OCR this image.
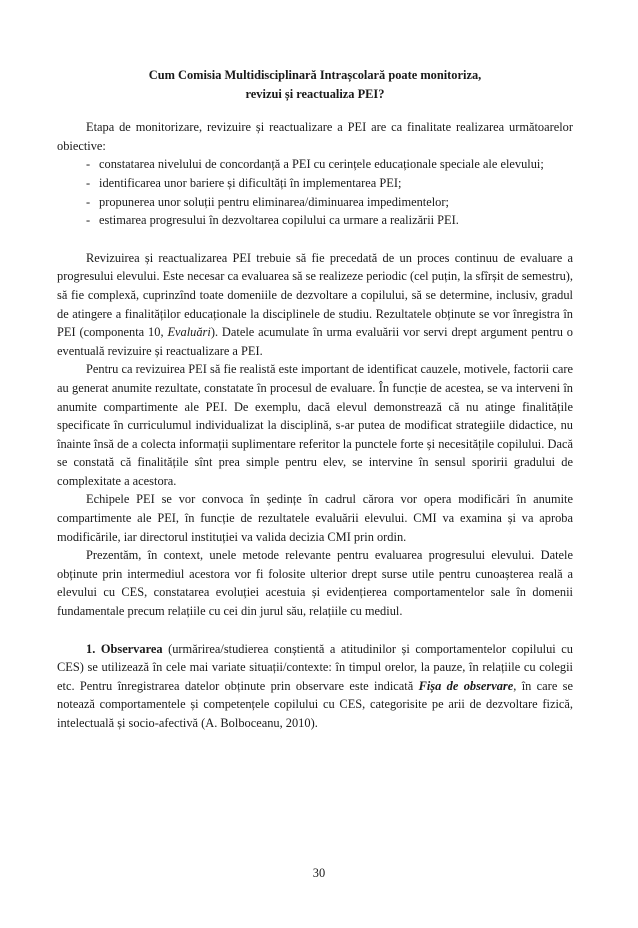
Cum Comisia Multidisciplinară Intrașcolară poate monitoriza,
revizui și reactualiza PEI?

Etapa de monitorizare, revizuire și reactualizare a PEI are ca finalitate realizarea următoarelor obiective:

- constatarea nivelului de concordanță a PEI cu cerințele educaționale speciale ale elevului;
- identificarea unor bariere și dificultăți în implementarea PEI;
- propunerea unor soluții pentru eliminarea/diminuarea impedimentelor;
- estimarea progresului în dezvoltarea copilului ca urmare a realizării PEI.

Revizuirea și reactualizarea PEI trebuie să fie precedată de un proces continuu de evaluare a progresului elevului. Este necesar ca evaluarea să se realizeze periodic (cel puțin, la sfîrșit de semestru), să fie complexă, cuprinzînd toate domeniile de dezvoltare a copilului, să se determine, inclusiv, gradul de atingere a finalităților educaționale la disciplinele de studiu. Rezultatele obținute se vor înregistra în PEI (componenta 10, Evaluări). Datele acumulate în urma evaluării vor servi drept argument pentru o eventuală revizuire și reactualizare a PEI.

Pentru ca revizuirea PEI să fie realistă este important de identificat cauzele, motivele, factorii care au generat anumite rezultate, constatate în procesul de evaluare. În funcție de acestea, se va interveni în anumite compartimente ale PEI. De exemplu, dacă elevul demonstrează că nu atinge finalitățile specificate în curriculumul individualizat la disciplină, s-ar putea de modificat strategiile didactice, nu înainte însă de a colecta informații suplimentare referitor la punctele forte și necesitățile copilului. Dacă se constată că finalitățile sînt prea simple pentru elev, se intervine în sensul sporirii gradului de complexitate a acestora.

Echipele PEI se vor convoca în ședințe în cadrul cărora vor opera modificări în anumite compartimente ale PEI, în funcție de rezultatele evaluării elevului. CMI va examina și va aproba modificările, iar directorul instituției va valida decizia CMI prin ordin.

Prezentăm, în context, unele metode relevante pentru evaluarea progresului elevului. Datele obținute prin intermediul acestora vor fi folosite ulterior drept surse utile pentru cunoașterea reală a elevului cu CES, constatarea evoluției acestuia și evidențierea comportamentelor sale în domenii fundamentale precum relațiile cu cei din jurul său, relațiile cu mediul.

1. Observarea (urmărirea/studierea conștientă a atitudinilor și comportamentelor copilului cu CES) se utilizează în cele mai variate situații/contexte: în timpul orelor, la pauze, în relațiile cu colegii etc. Pentru înregistrarea datelor obținute prin observare este indicată Fișa de observare, în care se notează comportamentele și competențele copilului cu CES, categorisite pe arii de dezvoltare fizică, intelectuală și socio-afectivă (A. Bolboceanu, 2010).

30
